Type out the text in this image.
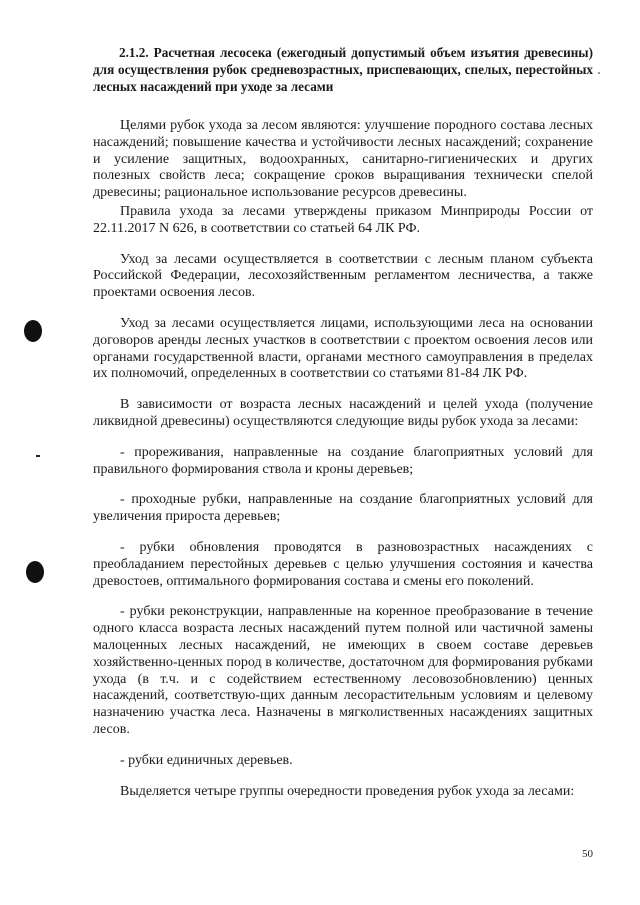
2.1.2. Расчетная лесосека (ежегодный допустимый объем изъятия древесины) для осуществления рубок средневозрастных, приспевающих, спелых, перестойных лесных насаждений при уходе за лесами

Целями рубок ухода за лесом являются: улучшение породного состава лесных насаждений; повышение качества и устойчивости лесных насаждений; сохранение и усиление защитных, водоохранных, санитарно-гигиенических и других полезных свойств леса; сокращение сроков выращивания технически спелой древесины; рациональное использование ресурсов древесины.

Правила ухода за лесами утверждены приказом Минприроды России от 22.11.2017 N 626, в соответствии со статьей 64 ЛК РФ.

Уход за лесами осуществляется в соответствии с лесным планом субъекта Российской Федерации, лесохозяйственным регламентом лесничества, а также проектами освоения лесов.

Уход за лесами осуществляется лицами, использующими леса на основании договоров аренды лесных участков в соответствии с проектом освоения лесов или органами государственной власти, органами местного самоуправления в пределах их полномочий, определенных в соответствии со статьями 81-84 ЛК РФ.

В зависимости от возраста лесных насаждений и целей ухода (получение ликвидной древесины) осуществляются следующие виды рубок ухода за лесами:

- прореживания, направленные на создание благоприятных условий для правильного формирования ствола и кроны деревьев;

- проходные рубки, направленные на создание благоприятных условий для увеличения прироста деревьев;

- рубки обновления проводятся в разновозрастных насаждениях с преобладанием перестойных деревьев с целью улучшения состояния и качества древостоев, оптимального формирования состава и смены его поколений.

- рубки реконструкции, направленные на коренное преобразование в течение одного класса возраста лесных насаждений путем полной или частичной замены малоценных лесных насаждений, не имеющих в своем составе деревьев хозяйственно-ценных пород в количестве, достаточном для формирования рубками ухода (в т.ч. и с содействием естественному лесовозобновлению) ценных насаждений, соответствую-щих данным лесорастительным условиям и целевому назначению участка леса. Назначены в мягколиственных насаждениях защитных лесов.

- рубки единичных деревьев.

Выделяется четыре группы очередности проведения рубок ухода за лесами:

50
